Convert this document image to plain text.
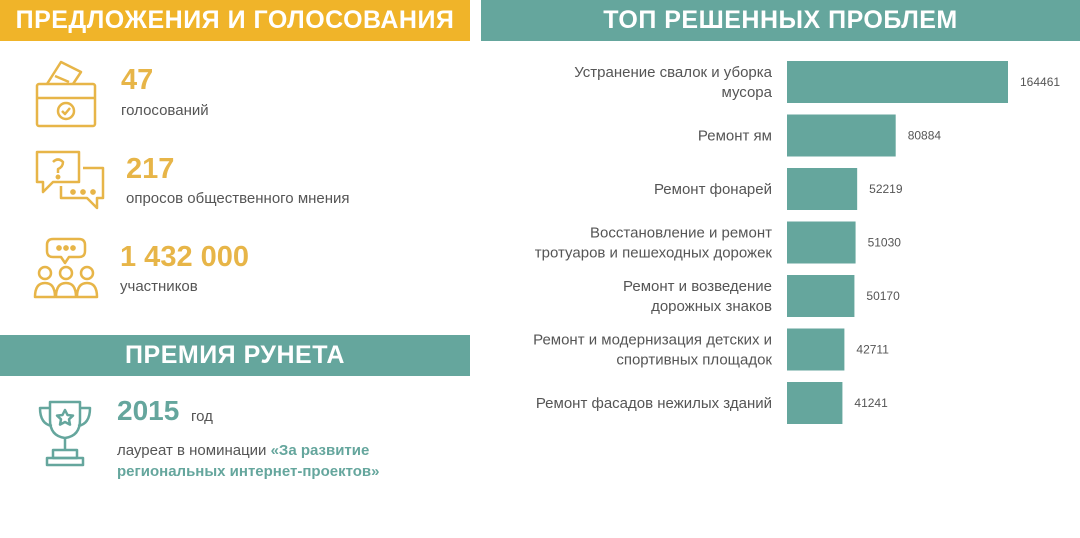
ПРЕДЛОЖЕНИЯ И ГОЛОСОВАНИЯ	ТОП РЕШЕННЫХ ПРОБЛЕМ
47
голосований
217
опросов общественного мнения
1 432 000
участников
ПРЕМИЯ РУНЕТА
2015 год
лауреат в номинации «За развитие региональных интернет-проектов»
164461
Устранение свалок и уборка мусора
80884
Ремонт ям
52219
Ремонт фонарей
51030
Восстановление и ремонт тротуаров и пешеходных дорожек
50170
Ремонт и возведение дорожных знаков
42711
Ремонт и модернизация детских и спортивных площадок
41241
Ремонт фасадов нежилых зданий
